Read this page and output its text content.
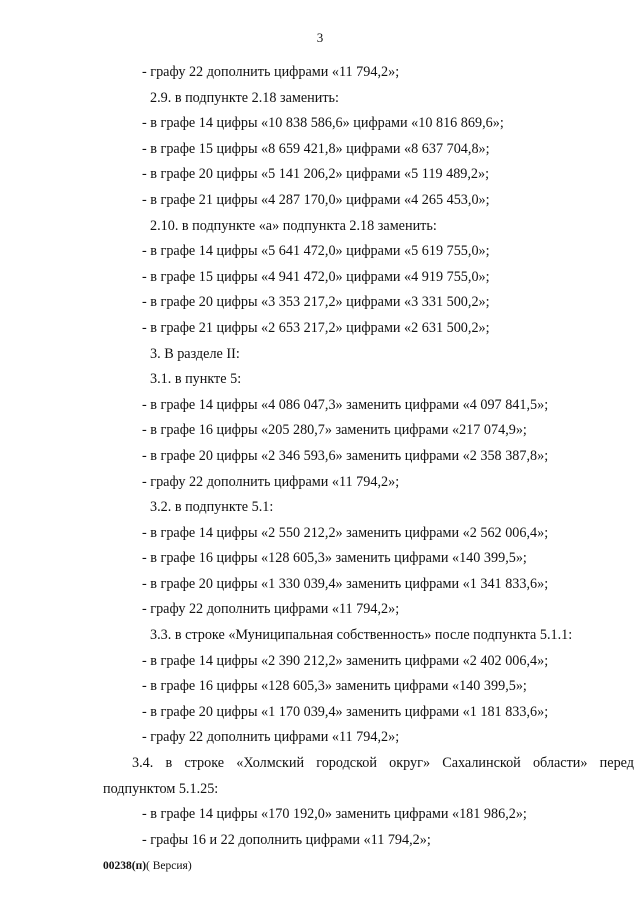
3
- графу 22 дополнить цифрами «11 794,2»;
2.9. в подпункте 2.18 заменить:
- в графе 14 цифры «10 838 586,6» цифрами «10 816 869,6»;
- в графе 15 цифры «8 659 421,8» цифрами «8 637 704,8»;
- в графе 20 цифры «5 141 206,2» цифрами «5 119 489,2»;
- в графе 21 цифры «4 287 170,0» цифрами «4 265 453,0»;
2.10. в подпункте «а» подпункта 2.18 заменить:
- в графе 14 цифры «5 641 472,0» цифрами «5 619 755,0»;
- в графе 15 цифры «4 941 472,0» цифрами «4 919 755,0»;
- в графе 20 цифры «3 353 217,2» цифрами «3 331 500,2»;
- в графе 21 цифры «2 653 217,2» цифрами «2 631 500,2»;
3. В разделе II:
3.1. в пункте 5:
- в графе 14 цифры «4 086 047,3» заменить цифрами «4 097 841,5»;
- в графе 16 цифры «205 280,7» заменить цифрами «217 074,9»;
- в графе 20 цифры «2 346 593,6» заменить цифрами «2 358 387,8»;
- графу 22 дополнить цифрами «11 794,2»;
3.2. в подпункте 5.1:
- в графе 14 цифры «2 550 212,2» заменить цифрами «2 562 006,4»;
- в графе 16 цифры «128 605,3» заменить цифрами «140 399,5»;
- в графе 20 цифры «1 330 039,4» заменить цифрами «1 341 833,6»;
- графу 22 дополнить цифрами «11 794,2»;
3.3. в строке «Муниципальная собственность» после подпункта 5.1.1:
- в графе 14 цифры «2 390 212,2» заменить цифрами «2 402 006,4»;
- в графе 16 цифры «128 605,3» заменить цифрами «140 399,5»;
- в графе 20 цифры «1 170 039,4» заменить цифрами «1 181 833,6»;
- графу 22 дополнить цифрами «11 794,2»;
3.4. в строке «Холмский городской округ» Сахалинской области» перед
подпунктом 5.1.25:
- в графе 14 цифры «170 192,0» заменить цифрами «181 986,2»;
- графы 16 и 22 дополнить цифрами «11 794,2»;
00238(п)( Версия)
